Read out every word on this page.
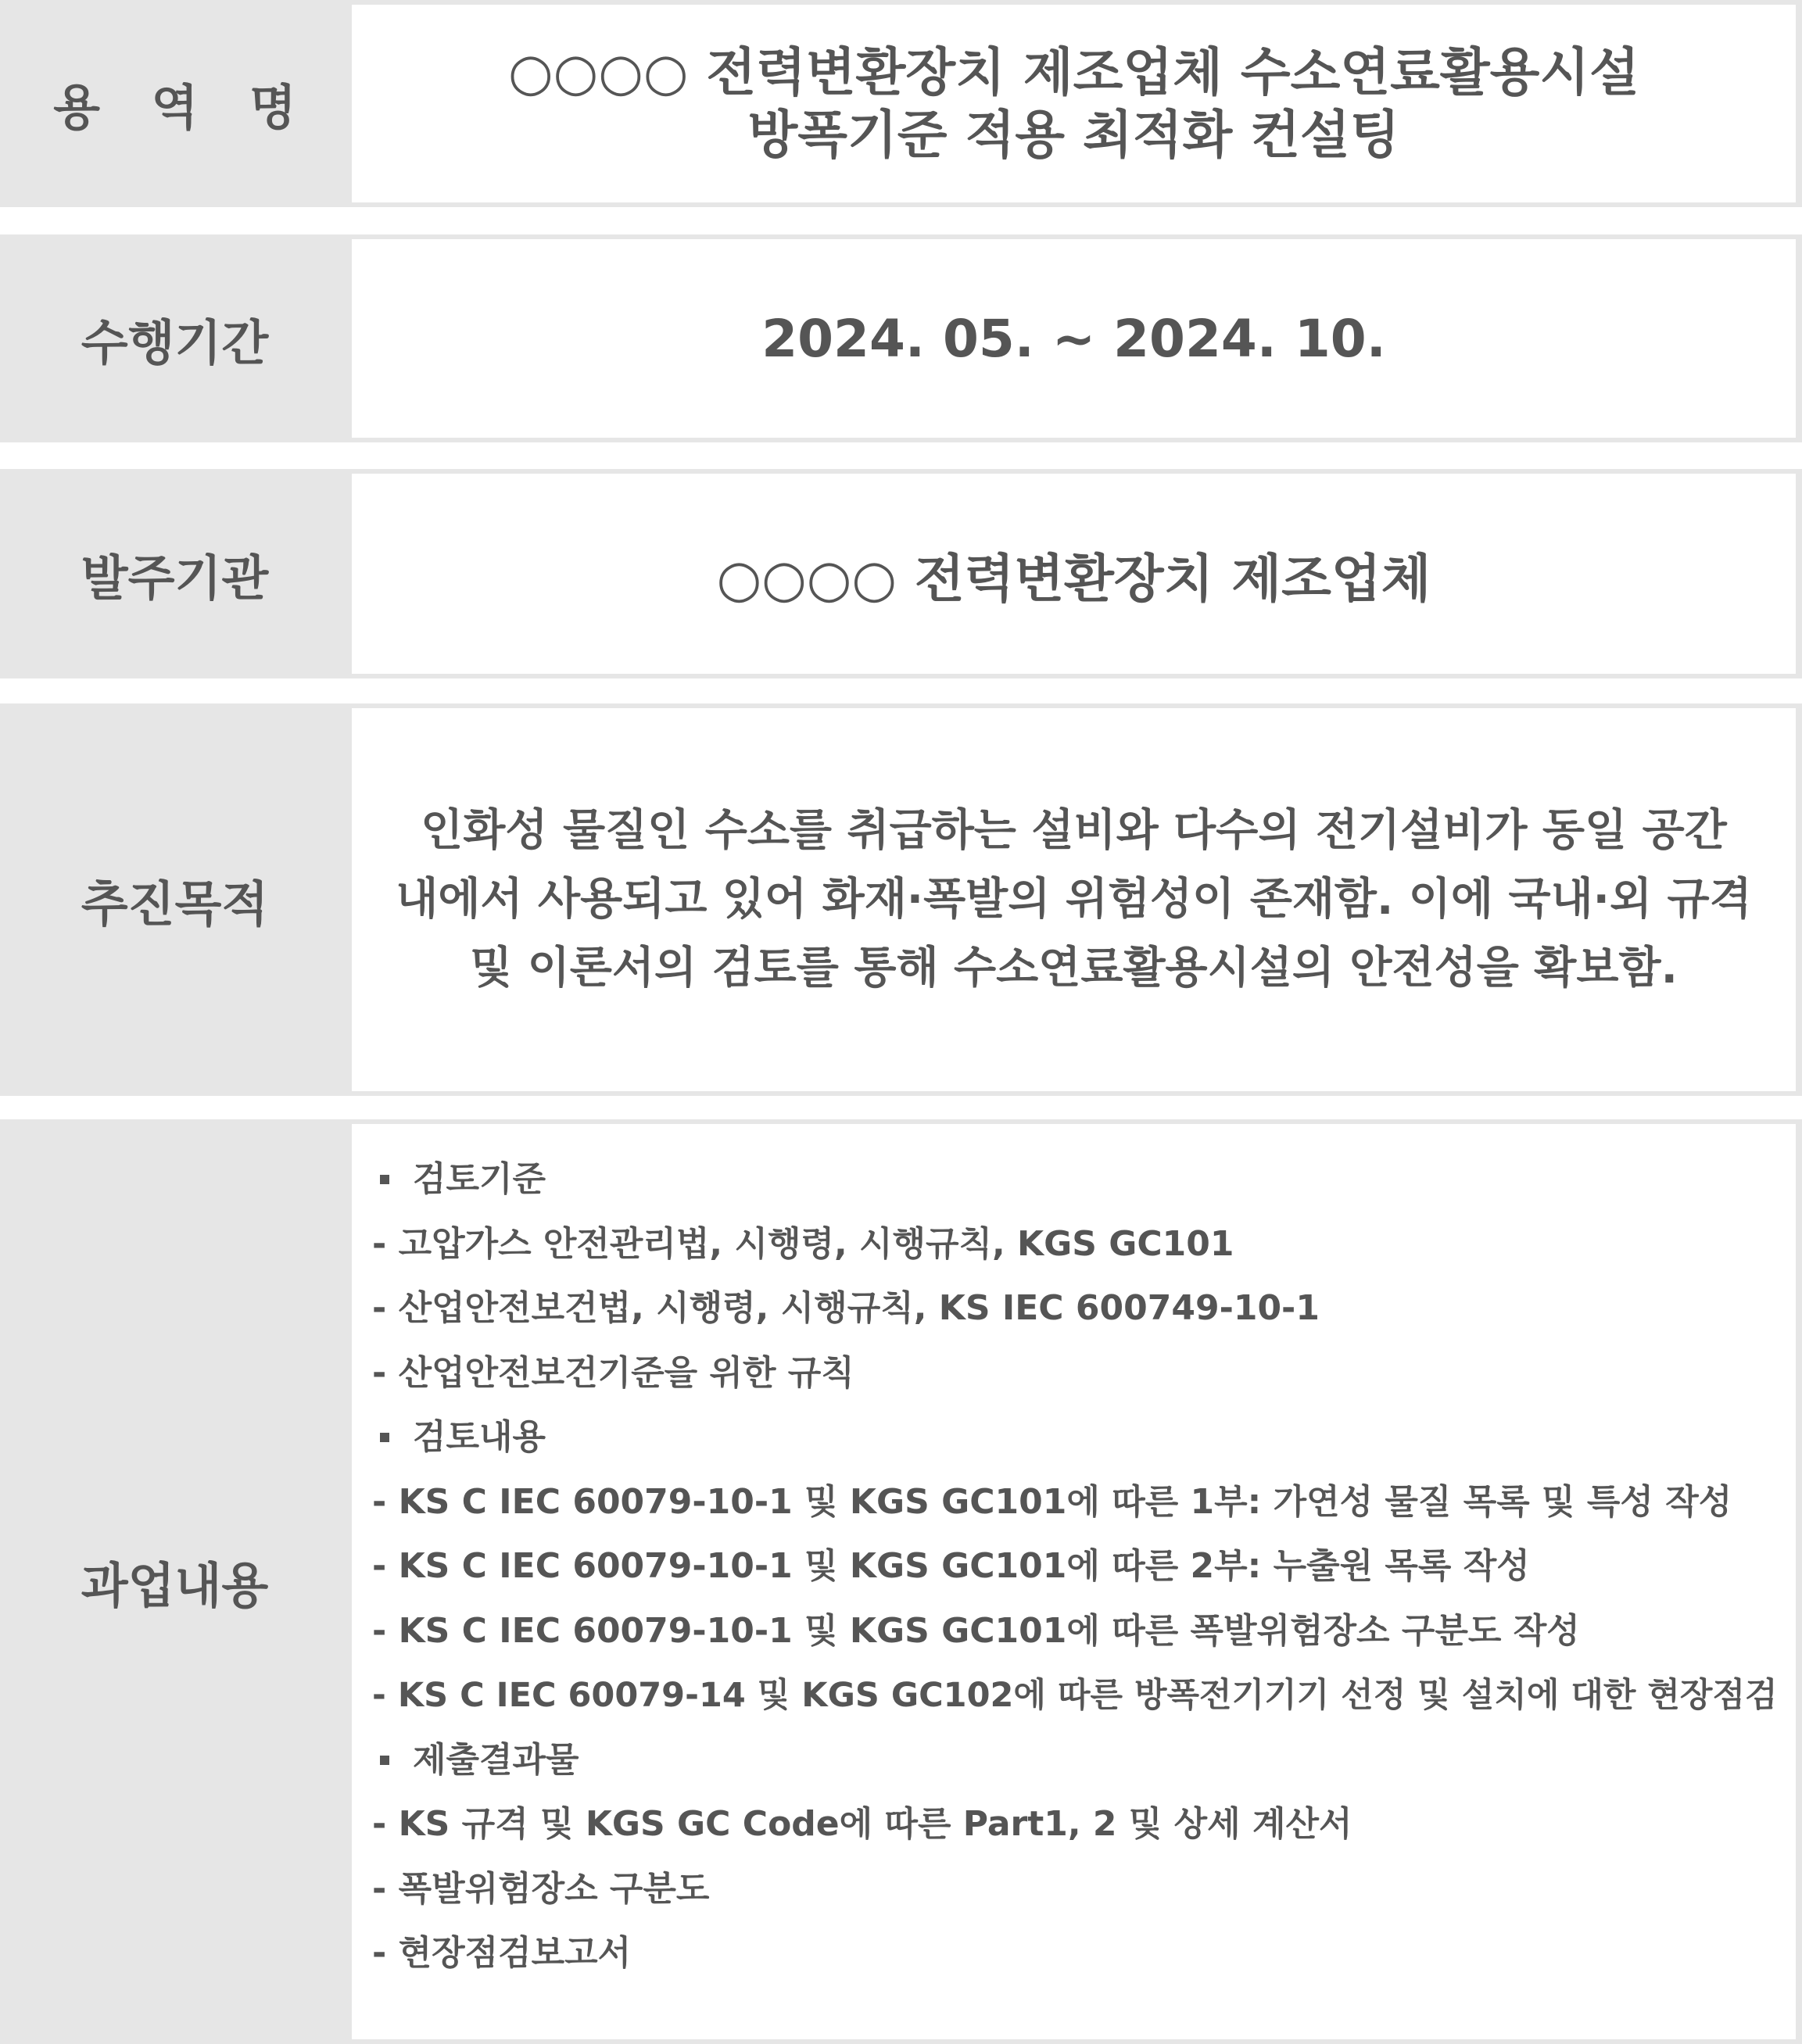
용 역 명
○○○○ 전력변환장치 제조업체 수소연료활용시설
방폭기준 적용 최적화 컨설팅
수행기간	2024. 05. ~ 2024. 10.
발주기관	○○○○ 전력변환장치 제조업체
추진목적
인화성 물질인 수소를 취급하는 설비와 다수의 전기설비가 동일 공간
내에서 사용되고 있어 화재·폭발의 위험성이 존재함. 이에 국내·외 규격
및 이론서의 검토를 통해 수소연료활용시설의 안전성을 확보함.
과업내용
검토기준
- 고압가스 안전관리법, 시행령, 시행규칙, KGS GC101
- 산업안전보건법, 시행령, 시행규칙, KS IEC 600749-10-1
- 산업안전보건기준을 위한 규칙
검토내용
- KS C IEC 60079-10-1 및 KGS GC101에 따른 1부: 가연성 물질 목록 및 특성 작성
- KS C IEC 60079-10-1 및 KGS GC101에 따른 2부: 누출원 목록 작성
- KS C IEC 60079-10-1 및 KGS GC101에 따른 폭발위험장소 구분도 작성
- KS C IEC 60079-14 및 KGS GC102에 따른 방폭전기기기 선정 및 설치에 대한 현장점검
제출결과물
- KS 규격 및 KGS GC Code에 따른 Part1, 2 및 상세 계산서
- 폭발위험장소 구분도
- 현장점검보고서
